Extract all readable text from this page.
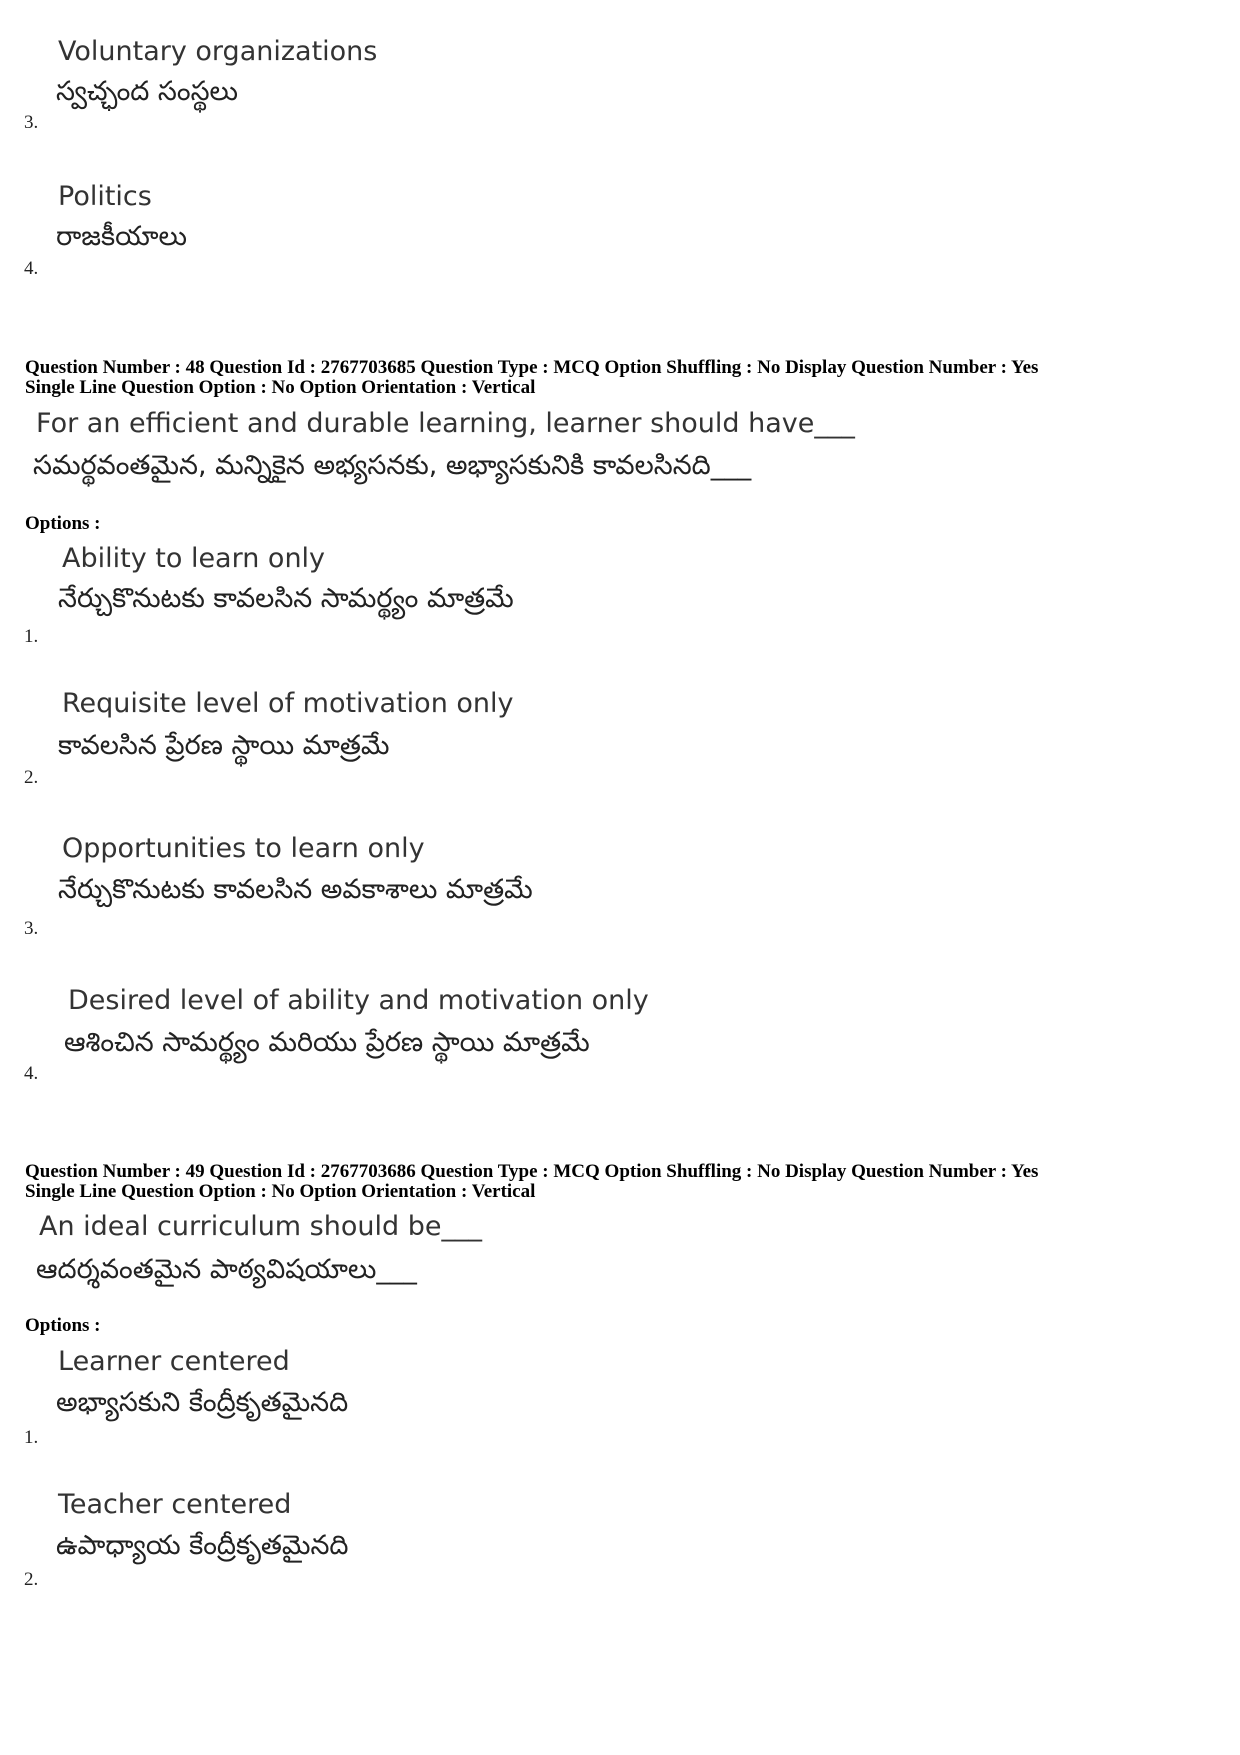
Voluntary organizations
స్వచ్ఛంద సంస్థలు
3.
Politics
రాజకీయాలు
4.
Question Number : 48 Question Id : 2767703685 Question Type : MCQ Option Shuffling : No Display Question Number : Yes
Single Line Question Option : No Option Orientation : Vertical
For an efficient and durable learning, learner should have___
సమర్థవంతమైన, మన్నికైన అభ్యసనకు, అభ్యాసకునికి కావలసినది___
Options :
Ability to learn only
నేర్చుకొనుటకు కావలసిన సామర్థ్యం మాత్రమే
1.
Requisite level of motivation only
కావలసిన ప్రేరణ స్థాయి మాత్రమే
2.
Opportunities to learn only
నేర్చుకొనుటకు కావలసిన అవకాశాలు మాత్రమే
3.
Desired level of ability and motivation only
ఆశించిన సామర్థ్యం మరియు ప్రేరణ స్థాయి మాత్రమే
4.
Question Number : 49 Question Id : 2767703686 Question Type : MCQ Option Shuffling : No Display Question Number : Yes
Single Line Question Option : No Option Orientation : Vertical
An ideal curriculum should be___
ఆదర్శవంతమైన పాఠ్యవిషయాలు___
Options :
Learner centered
అభ్యాసకుని కేంద్రీకృతమైనది
1.
Teacher centered
ఉపాధ్యాయ కేంద్రీకృతమైనది
2.
